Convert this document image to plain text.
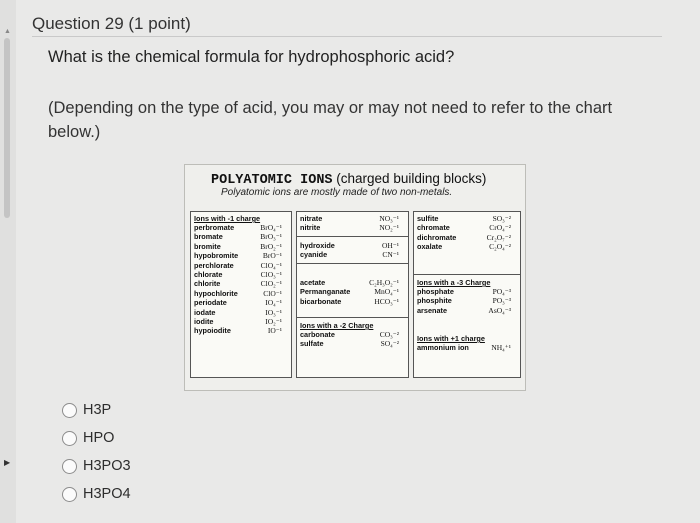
▲
▶
Question 29 (1 point)
What is the chemical formula for hydrophosphoric acid?
(Depending on the type of acid, you may or may not need to refer to the chart below.)
POLYATOMIC IONS (charged building blocks)
Polyatomic ions are mostly made of two non-metals.
Ions with -1 charge
perbromate	BrO₄⁻¹
bromate	BrO₃⁻¹
bromite	BrO₂⁻¹
hypobromite	BrO⁻¹
perchlorate	ClO₄⁻¹
chlorate	ClO₃⁻¹
chlorite	ClO₂⁻¹
hypochlorite	ClO⁻¹
periodate	IO₄⁻¹
iodate	IO₃⁻¹
iodite	IO₂⁻¹
hypoiodite	IO⁻¹
nitrate	NO₃⁻¹
nitrite	NO₂⁻¹
hydroxide	OH⁻¹
cyanide	CN⁻¹
acetate	C₂H₃O₂⁻¹
Permanganate	MnO₄⁻¹
bicarbonate	HCO₃⁻¹
Ions with a -2 Charge
carbonate	CO₃⁻²
sulfate	SO₄⁻²
sulfite	SO₃⁻²
chromate	CrO₄⁻²
dichromate	Cr₂O₇⁻²
oxalate	C₂O₄⁻²
Ions with a -3 Charge
phosphate	PO₄⁻³
phosphite	PO₃⁻³
arsenate	AsO₄⁻³
Ions with +1 charge
ammonium ion	NH₄⁺¹
H3P
HPO
H3PO3
H3PO4
